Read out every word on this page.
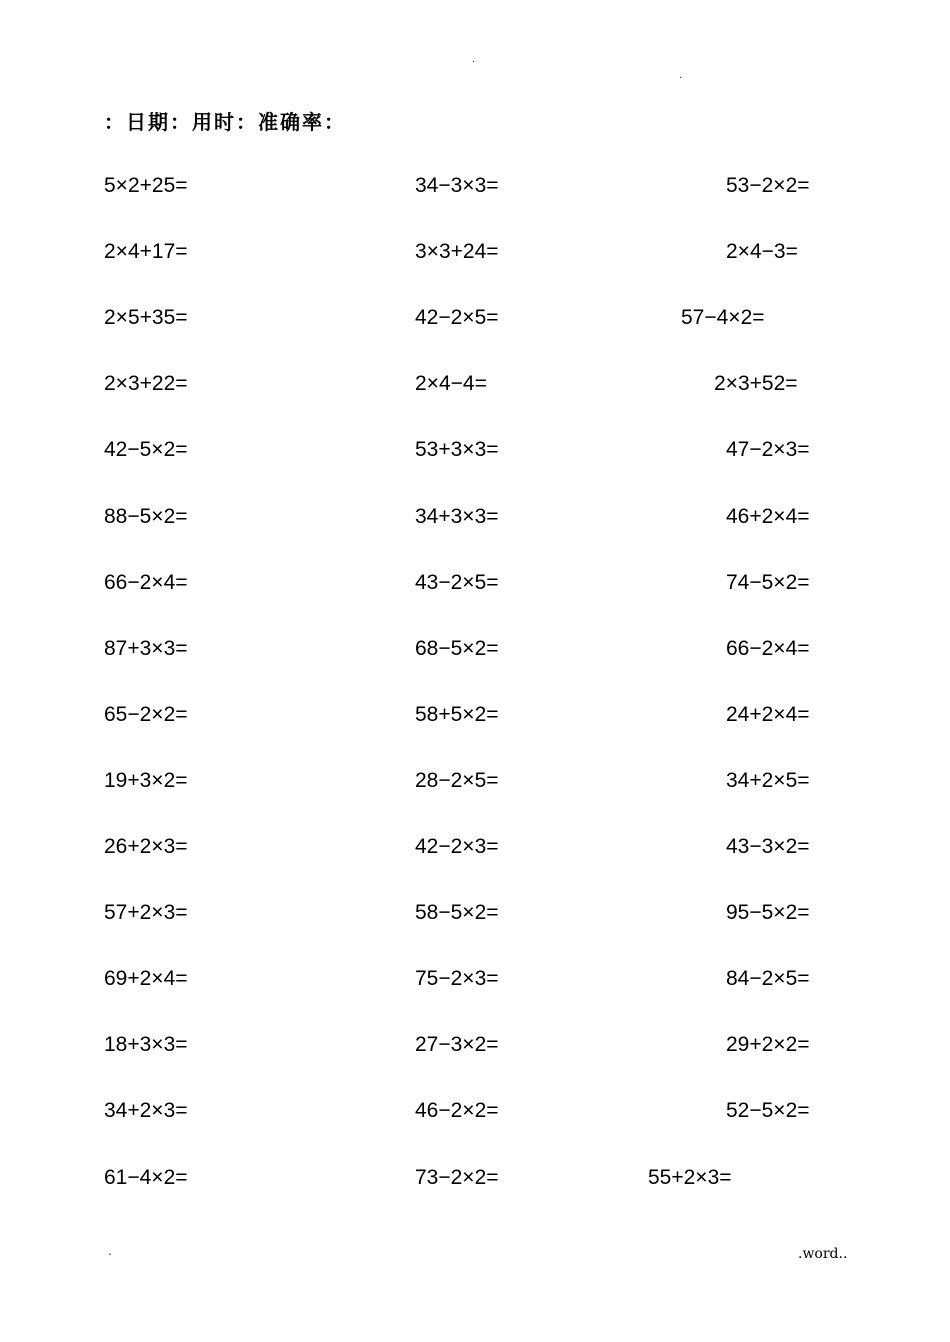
·
·
：日期：用时：准确率：
5×2+25=
2×4+17=
2×5+35=
2×3+22=
42−5×2=
88−5×2=
66−2×4=
87+3×3=
65−2×2=
19+3×2=
26+2×3=
57+2×3=
69+2×4=
18+3×3=
34+2×3=
61−4×2=
34−3×3=
3×3+24=
42−2×5=
2×4−4=
53+3×3=
34+3×3=
43−2×5=
68−5×2=
58+5×2=
28−2×5=
42−2×3=
58−5×2=
75−2×3=
27−3×2=
46−2×2=
73−2×2=
53−2×2=
2×4−3=
57−4×2=
2×3+52=
47−2×3=
46+2×4=
74−5×2=
66−2×4=
24+2×4=
34+2×5=
43−3×2=
95−5×2=
84−2×5=
29+2×2=
52−5×2=
55+2×3=
.	.word..
